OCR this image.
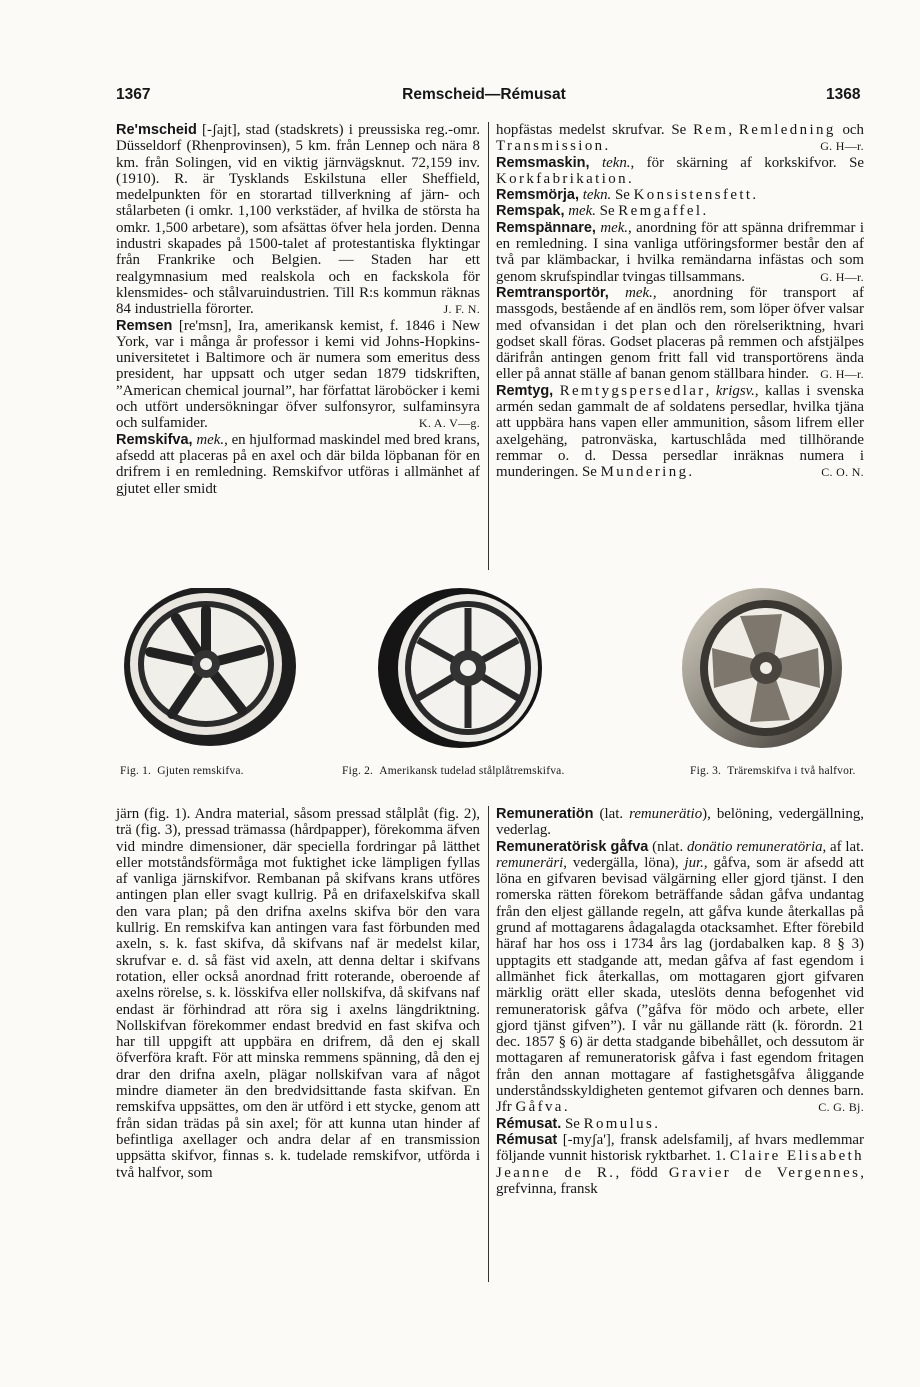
1367	Remscheid—Rémusat	1368

Re'mscheid [-ʃajt], stad (stadskrets) i preussiska reg.-omr. Düsseldorf (Rhenprovinsen), 5 km. från Lennep och nära 8 km. från Solingen, vid en viktig järnvägsknut. 72,159 inv. (1910). R. är Tysklands Eskilstuna eller Sheffield, medelpunkten för en storartad tillverkning af järn- och stålarbeten (i omkr. 1,100 verkstäder, af hvilka de största ha omkr. 1,500 arbetare), som afsättas öfver hela jorden. Denna industri skapades på 1500-talet af protestantiska flyktingar från Frankrike och Belgien. — Staden har ett realgymnasium med realskola och en fackskola för klensmides- och stålvaruindustrien. Till R:s kommun räknas 84 industriella förorter.	J. F. N.

Remsen [re'msn], Ira, amerikansk kemist, f. 1846 i New York, var i många år professor i kemi vid Johns-Hopkins-universitetet i Baltimore och är numera som emeritus dess president, har uppsatt och utger sedan 1879 tidskriften, ”American chemical journal”, har författat läroböcker i kemi och utfört undersökningar öfver sulfonsyror, sulfaminsyra och sulfamider.	K. A. V—g.

Remskifva, mek., en hjulformad maskindel med bred krans, afsedd att placeras på en axel och där bilda löpbanan för en drifrem i en remledning. Remskifvor utföras i allmänhet af gjutet eller smidt

hopfästas medelst skrufvar. Se Rem, Remledning och Transmission.	G. H—r.

Remsmaskin, tekn., för skärning af korkskifvor. Se Korkfabrikation.

Remsmörja, tekn. Se Konsistensfett.

Remspak, mek. Se Remgaffel.

Remspännare, mek., anordning för att spänna drifremmar i en remledning. I sina vanliga utföringsformer består den af två par klämbackar, i hvilka remändarna infästas och som genom skrufspindlar tvingas tillsammans.	G. H—r.

Remtransportör, mek., anordning för transport af massgods, bestående af en ändlös rem, som löper öfver valsar med ofvansidan i det plan och den rörelseriktning, hvari godset skall föras. Godset placeras på remmen och afstjälpes därifrån antingen genom fritt fall vid transportörens ända eller på annat ställe af banan genom ställbara hinder. G. H—r.

Remtyg, Remtygspersedlar, krigsv., kallas i svenska armén sedan gammalt de af soldatens persedlar, hvilka tjäna att uppbära hans vapen eller ammunition, såsom lifrem eller axelgehäng, patronväska, kartuschlåda med tillhörande remmar o. d. Dessa persedlar inräknas numera i munderingen. Se Mundering.	C. O. N.

Fig. 1. Gjuten remskifva.	Fig. 2. Amerikansk tudelad stålplåtremskifva.	Fig. 3. Träremskifva i två halfvor.

järn (fig. 1). Andra material, såsom pressad stålplåt (fig. 2), trä (fig. 3), pressad trämassa (hårdpapper), förekomma äfven vid mindre dimensioner, där speciella fordringar på lätthet eller motståndsförmåga mot fuktighet icke lämpligen fyllas af vanliga järnskifvor. Rembanan på skifvans krans utföres antingen plan eller svagt kullrig. På en drifaxelskifva skall den vara plan; på den drifna axelns skifva bör den vara kullrig. En remskifva kan antingen vara fast förbunden med axeln, s. k. fast skifva, då skifvans naf är medelst kilar, skrufvar e. d. så fäst vid axeln, att denna deltar i skifvans rotation, eller också anordnad fritt roterande, oberoende af axelns rörelse, s. k. lösskifva eller nollskifva, då skifvans naf endast är förhindrad att röra sig i axelns längdriktning. Nollskifvan förekommer endast bredvid en fast skifva och har till uppgift att uppbära en drifrem, då den ej skall öfverföra kraft. För att minska remmens spänning, då den ej drar den drifna axeln, plägar nollskifvan vara af något mindre diameter än den bredvidsittande fasta skifvan. En remskifva uppsättes, om den är utförd i ett stycke, genom att från sidan trädas på sin axel; för att kunna utan hinder af befintliga axellager och andra delar af en transmission uppsätta skifvor, finnas s. k. tudelade remskifvor, utförda i två halfvor, som

Remuneratiön (lat. remunerätio), belöning, vedergällning, vederlag.

Remuneratörisk gåfva (nlat. donätio remuneratöria, af lat. remuneräri, vedergälla, löna), jur., gåfva, som är afsedd att löna en gifvaren bevisad välgärning eller gjord tjänst. I den romerska rätten förekom beträffande sådan gåfva undantag från den eljest gällande regeln, att gåfva kunde återkallas på grund af mottagarens ådagalagda otacksamhet. Efter förebild häraf har hos oss i 1734 års lag (jordabalken kap. 8 § 3) upptagits ett stadgande att, medan gåfva af fast egendom i allmänhet fick återkallas, om mottagaren gjort gifvaren märklig orätt eller skada, uteslöts denna befogenhet vid remuneratorisk gåfva (”gåfva för mödo och arbete, eller gjord tjänst gifven”). I vår nu gällande rätt (k. förordn. 21 dec. 1857 § 6) är detta stadgande bibehållet, och dessutom är mottagaren af remuneratorisk gåfva i fast egendom fritagen från den annan mottagare af fastighetsgåfva åliggande underståndsskyldigheten gentemot gifvaren och dennes barn. Jfr Gåfva.	C. G. Bj.

Rémusat. Se Romulus.

Rémusat [-myʃa'], fransk adelsfamilj, af hvars medlemmar följande vunnit historisk ryktbarhet. 1. Claire Elisabeth Jeanne de R., född Gravier de Vergennes, grefvinna, fransk
